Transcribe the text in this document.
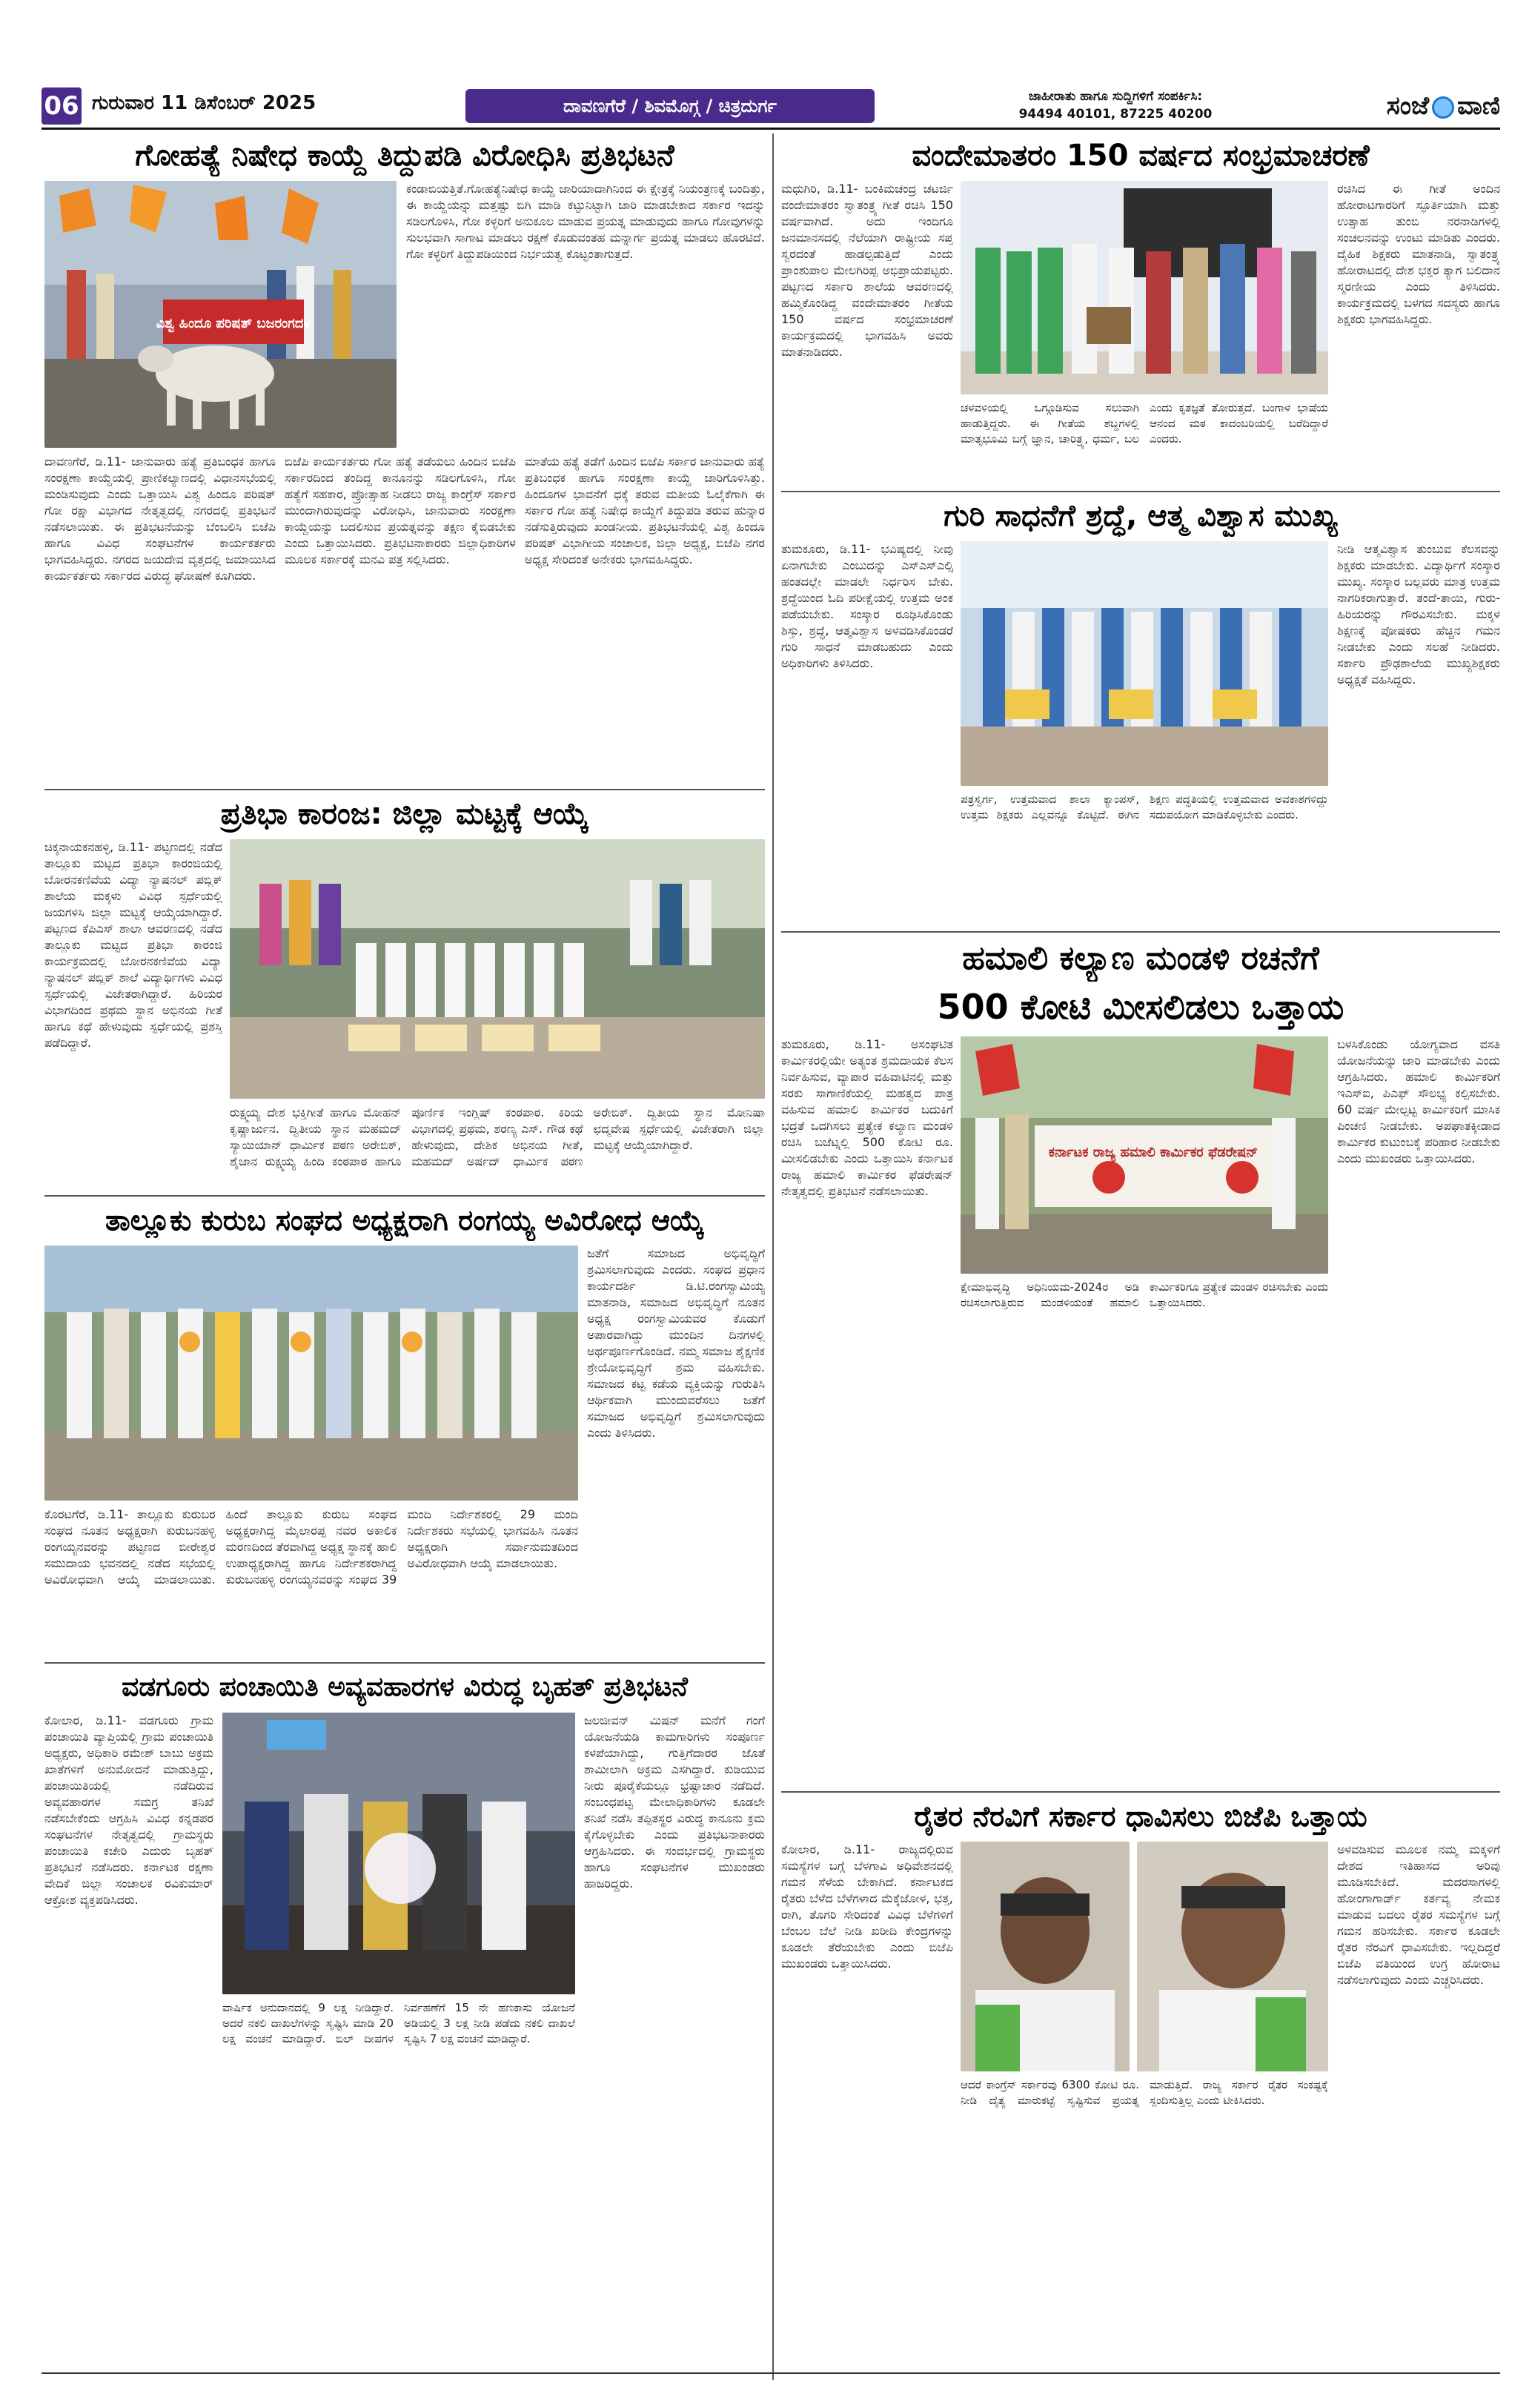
06 ಗುರುವಾರ 11 ಡಿಸೆಂಬರ್ 2025	ದಾವಣಗೆರೆ / ಶಿವಮೊಗ್ಗ / ಚಿತ್ರದುರ್ಗ	ಜಾಹೀರಾತು ಹಾಗೂ ಸುದ್ದಿಗಳಿಗೆ ಸಂಪರ್ಕಿಸಿ:
94494 40101, 87225 40200	ಸಂಜೆ ವಾಣಿ
ಗೋಹತ್ಯೆ ನಿಷೇಧ ಕಾಯ್ದೆ ತಿದ್ದುಪಡಿ ವಿರೋಧಿಸಿ ಪ್ರತಿಭಟನೆ
ವಿಶ್ವ ಹಿಂದೂ ಪರಿಷತ್ ಬಜರಂಗದಳ
ಕಂಡಾಬಿಯತ್ತಿತೆ.ಗೋಹತ್ಯೆನಿಷೇಧ ಕಾಯ್ದೆ ಜಾರಿಯಾದಾಗಿನಿಂದ ಈ ಕ್ಷೇತ್ರಕ್ಕೆ ನಿಯಂತ್ರಣಕ್ಕೆ ಬಂದಿತ್ತು, ಈ ಕಾಯ್ದೆಯನ್ನು ಮತ್ತಷ್ಟು ಬಿಗಿ ಮಾಡಿ ಕಟ್ಟುನಿಟ್ಟಾಗಿ ಜಾರಿ ಮಾಡಬೇಕಾದ ಸರ್ಕಾರ ಇದನ್ನು ಸಡಿಲಗೊಳಿಸಿ, ಗೋ ಕಳ್ಳರಿಗೆ ಅನುಕೂಲ ಮಾಡುವ ಪ್ರಯತ್ನ ಮಾಡುವುದು ಹಾಗೂ ಗೋವುಗಳನ್ನು ಸುಲಭವಾಗಿ ಸಾಗಾಟ ಮಾಡಲು ರಕ್ಷಣೆ ಕೊಡುವಂತಹ ಮನ್ನಾರ್ಗ ಪ್ರಯತ್ನ ಮಾಡಲು ಹೊರಟಿದೆ. ಗೋ ಕಳ್ಳರಿಗೆ ತಿದ್ದುಪಡಿಯಿಂದ ನಿರ್ಭಯತ್ವ ಕೊಟ್ಟಂತಾಗುತ್ತದೆ.
ದಾವಣಗೆರೆ, ಡಿ.11- ಜಾನುವಾರು ಹತ್ಯೆ ಪ್ರತಿಬಂಧಕ ಹಾಗೂ ಸಂರಕ್ಷಣಾ ಕಾಯ್ದೆಯಲ್ಲಿ ಪ್ರಾಣಿಕಲ್ಯಾಣದಲ್ಲಿ ವಿಧಾನಸಭೆಯಲ್ಲಿ ಮಂಡಿಸುವುದು ಎಂದು ಒತ್ತಾಯಿಸಿ ವಿಶ್ವ ಹಿಂದೂ ಪರಿಷತ್ ಗೋ ರಕ್ಷಾ ವಿಭಾಗದ ನೇತೃತ್ವದಲ್ಲಿ ನಗರದಲ್ಲಿ ಪ್ರತಿಭಟನೆ ನಡೆಸಲಾಯಿತು. ಈ ಪ್ರತಿಭಟನೆಯನ್ನು ಬೆಂಬಲಿಸಿ ಬಿಜೆಪಿ ಹಾಗೂ ವಿವಿಧ ಸಂಘಟನೆಗಳ ಕಾರ್ಯಕರ್ತರು ಭಾಗವಹಿಸಿದ್ದರು. ನಗರದ ಜಯದೇವ ವೃತ್ತದಲ್ಲಿ ಜಮಾಯಿಸಿದ ಕಾರ್ಯಕರ್ತರು ಸರ್ಕಾರದ ವಿರುದ್ಧ ಘೋಷಣೆ ಕೂಗಿದರು.
ಬಿಜೆಪಿ ಕಾರ್ಯಕರ್ತರು ಗೋ ಹತ್ಯೆ ತಡೆಯಲು ಹಿಂದಿನ ಬಿಜೆಪಿ ಸರ್ಕಾರದಿಂದ ತಂದಿದ್ದ ಕಾನೂನನ್ನು ಸಡಿಲಗೊಳಿಸಿ, ಗೋ ಹತ್ಯೆಗೆ ಸಹಕಾರ, ಪ್ರೋತ್ಸಾಹ ನೀಡಲು ರಾಜ್ಯ ಕಾಂಗ್ರೆಸ್ ಸರ್ಕಾರ ಮುಂದಾಗಿರುವುದನ್ನು ವಿರೋಧಿಸಿ, ಜಾನುವಾರು ಸಂರಕ್ಷಣಾ ಕಾಯ್ದೆಯನ್ನು ಬದಲಿಸುವ ಪ್ರಯತ್ನವನ್ನು ತಕ್ಷಣ ಕೈಬಿಡಬೇಕು ಎಂದು ಒತ್ತಾಯಿಸಿದರು. ಪ್ರತಿಭಟನಾಕಾರರು ಜಿಲ್ಲಾಧಿಕಾರಿಗಳ ಮೂಲಕ ಸರ್ಕಾರಕ್ಕೆ ಮನವಿ ಪತ್ರ ಸಲ್ಲಿಸಿದರು.
ಮಾತೆಯ ಹತ್ಯೆ ತಡೆಗೆ ಹಿಂದಿನ ಬಿಜೆಪಿ ಸರ್ಕಾರ ಜಾನುವಾರು ಹತ್ಯೆ ಪ್ರತಿಬಂಧಕ ಹಾಗೂ ಸಂರಕ್ಷಣಾ ಕಾಯ್ದೆ ಜಾರಿಗೊಳಿಸಿತ್ತು. ಹಿಂದೂಗಳ ಭಾವನೆಗೆ ಧಕ್ಕೆ ತರುವ ಮತೀಯ ಓಲೈಕೆಗಾಗಿ ಈ ಸರ್ಕಾರ ಗೋ ಹತ್ಯೆ ನಿಷೇಧ ಕಾಯ್ದೆಗೆ ತಿದ್ದುಪಡಿ ತರುವ ಹುನ್ನಾರ ನಡೆಸುತ್ತಿರುವುದು ಖಂಡನೀಯ. ಪ್ರತಿಭಟನೆಯಲ್ಲಿ ವಿಶ್ವ ಹಿಂದೂ ಪರಿಷತ್ ವಿಭಾಗೀಯ ಸಂಚಾಲಕ, ಜಿಲ್ಲಾ ಅಧ್ಯಕ್ಷ, ಬಿಜೆಪಿ ನಗರ ಅಧ್ಯಕ್ಷ ಸೇರಿದಂತೆ ಅನೇಕರು ಭಾಗವಹಿಸಿದ್ದರು.
ಪ್ರತಿಭಾ ಕಾರಂಜ: ಜಿಲ್ಲಾ ಮಟ್ಟಕ್ಕೆ ಆಯ್ಕೆ
ಚಿಕ್ಕನಾಯಕನಹಳ್ಳಿ, ಡಿ.11- ಪಟ್ಟಣದಲ್ಲಿ ನಡೆದ ತಾಲ್ಲೂಕು ಮಟ್ಟದ ಪ್ರತಿಭಾ ಕಾರಂಜಿಯಲ್ಲಿ ಬೋರನಕಣಿವೆಯ ವಿದ್ಯಾ ನ್ಯಾಷನಲ್ ಪಬ್ಲಿಕ್ ಶಾಲೆಯ ಮಕ್ಕಳು ವಿವಿಧ ಸ್ಪರ್ಧೆಯಲ್ಲಿ ಜಯಗಳಿಸಿ ಜಿಲ್ಲಾ ಮಟ್ಟಕ್ಕೆ ಆಯ್ಕೆಯಾಗಿದ್ದಾರೆ. ಪಟ್ಟಣದ ಕೆಪಿಎಸ್ ಶಾಲಾ ಆವರಣದಲ್ಲಿ ನಡೆದ ತಾಲ್ಲೂಕು ಮಟ್ಟದ ಪ್ರತಿಭಾ ಕಾರಂಜಿ ಕಾರ್ಯಕ್ರಮದಲ್ಲಿ ಬೋರನಕಣಿವೆಯ ವಿದ್ಯಾ ನ್ಯಾಷನಲ್ ಪಬ್ಲಿಕ್ ಶಾಲೆ ವಿದ್ಯಾರ್ಥಿಗಳು ವಿವಿಧ ಸ್ಪರ್ಧೆಯಲ್ಲಿ ವಿಜೇತರಾಗಿದ್ದಾರೆ. ಹಿರಿಯರ ವಿಭಾಗದಿಂದ ಪ್ರಥಮ ಸ್ಥಾನ ಅಭಿನಯ ಗೀತೆ ಹಾಗೂ ಕಥೆ ಹೇಳುವುದು ಸ್ಪರ್ಧೆಯಲ್ಲಿ ಪ್ರಶಸ್ತಿ ಪಡೆದಿದ್ದಾರೆ.
ರುಕ್ಷ್ಮಯ್ಯ ದೇಶ ಭಕ್ತಿಗೀತೆ ಹಾಗೂ ಮೋಹನ್ ಕೃಷ್ಣಾರ್ಜುನ. ದ್ವಿತೀಯ ಸ್ಥಾನ ಮಹಮದ್ ಸ್ಯಾಯಿಯಾನ್ ಧಾರ್ಮಿಕ ಪಠಣ ಅರೇಬಿಕ್, ಶೈಜಾನ ರುಕ್ಷ್ಮಯ್ಯ ಹಿಂದಿ ಕಂಠಪಾಠ ಹಾಗೂ ಪೂರ್ಣಿಕ ಇಂಗ್ಲಿಷ್ ಕಂಠಪಾಠ. ಕಿರಿಯ ವಿಭಾಗದಲ್ಲಿ ಪ್ರಥಮ, ಶರಣ್ಯ ಎಸ್. ಗೌಡ ಕಥೆ ಹೇಳುವುದು, ದೇಶಿಕ ಅಭಿನಯ ಗೀತೆ, ಮಹಮದ್ ಅರ್ಷದ್ ಧಾರ್ಮಿಕ ಪಠಣ ಅರೇಬಿಕ್. ದ್ವಿತೀಯ ಸ್ಥಾನ ಮೋನಿಷಾ ಛದ್ಮವೇಷ ಸ್ಪರ್ಧೆಯಲ್ಲಿ ವಿಜೇತರಾಗಿ ಜಿಲ್ಲಾ ಮಟ್ಟಕ್ಕೆ ಆಯ್ಕೆಯಾಗಿದ್ದಾರೆ.
ತಾಲ್ಲೂಕು ಕುರುಬ ಸಂಘದ ಅಧ್ಯಕ್ಷರಾಗಿ ರಂಗಯ್ಯ ಅವಿರೋಧ ಆಯ್ಕೆ
ಜತೆಗೆ ಸಮಾಜದ ಅಭಿವೃದ್ಧಿಗೆ ಶ್ರಮಿಸಲಾಗುವುದು ಎಂದರು. ಸಂಘದ ಪ್ರಧಾನ ಕಾರ್ಯದರ್ಶಿ ಡಿ.ಟಿ.ರಂಗಸ್ವಾಮಿಯ್ಯ ಮಾತನಾಡಿ, ಸಮಾಜದ ಅಭಿವೃದ್ಧಿಗೆ ನೂತನ ಅಧ್ಯಕ್ಷ ರಂಗಸ್ವಾಮಿಯವರ ಕೊಡುಗೆ ಅಪಾರವಾಗಿದ್ದು ಮುಂದಿನ ದಿನಗಳಲ್ಲಿ ಅರ್ಥಪೂರ್ಣಗೊಂಡಿದೆ. ನಮ್ಮ ಸಮಾಜ ಶೈಕ್ಷಣಿಕ ಶ್ರೇಯೋಭಿವೃದ್ಧಿಗೆ ಶ್ರಮ ವಹಿಸಬೇಕು. ಸಮಾಜದ ಕಟ್ಟ ಕಡೆಯ ವ್ಯಕ್ತಿಯನ್ನು ಗುರುತಿಸಿ ಆರ್ಥಿಕವಾಗಿ ಮುಂದುವರೆಸಲು ಜತೆಗೆ ಸಮಾಜದ ಅಭಿವೃದ್ಧಿಗೆ ಶ್ರಮಿಸಲಾಗುವುದು ಎಂದು ತಿಳಿಸಿದರು.
ಕೊರಟಗೆರೆ, ಡಿ.11- ತಾಲ್ಲೂಕು ಕುರುಬರ ಸಂಘದ ನೂತನ ಅಧ್ಯಕ್ಷರಾಗಿ ಕುರುಬನಹಳ್ಳಿ ರಂಗಯ್ಯನವರನ್ನು ಪಟ್ಟಣದ ಬೀರೇಶ್ವರ ಸಮುದಾಯ ಭವನದಲ್ಲಿ ನಡೆದ ಸಭೆಯಲ್ಲಿ ಅವಿರೋಧವಾಗಿ ಆಯ್ಕೆ ಮಾಡಲಾಯಿತು. ಹಿಂದೆ ತಾಲ್ಲೂಕು ಕುರುಬ ಸಂಘದ ಅಧ್ಯಕ್ಷರಾಗಿದ್ದ ಮೈಲಾರಪ್ಪ ನವರ ಅಕಾಲಿಕ ಮರಣದಿಂದ ತೆರವಾಗಿದ್ದ ಅಧ್ಯಕ್ಷ ಸ್ಥಾನಕ್ಕೆ ಹಾಲಿ ಉಪಾಧ್ಯಕ್ಷರಾಗಿದ್ದ ಹಾಗೂ ನಿರ್ದೇಶಕರಾಗಿದ್ದ ಕುರುಬನಹಳ್ಳಿ ರಂಗಯ್ಯನವರನ್ನು ಸಂಘದ 39 ಮಂದಿ ನಿರ್ದೇಶಕರಲ್ಲಿ 29 ಮಂದಿ ನಿರ್ದೇಶಕರು ಸಭೆಯಲ್ಲಿ ಭಾಗವಹಿಸಿ ನೂತನ ಅಧ್ಯಕ್ಷರಾಗಿ ಸರ್ವಾನುಮತದಿಂದ ಅವಿರೋಧವಾಗಿ ಆಯ್ಕೆ ಮಾಡಲಾಯಿತು.
ವಡಗೂರು ಪಂಚಾಯಿತಿ ಅವ್ಯವಹಾರಗಳ ವಿರುದ್ಧ ಬೃಹತ್ ಪ್ರತಿಭಟನೆ
ಕೋಲಾರ, ಡಿ.11- ವಡಗೂರು ಗ್ರಾಮ ಪಂಚಾಯಿತಿ ವ್ಯಾಪ್ತಿಯಲ್ಲಿ ಗ್ರಾಮ ಪಂಚಾಯಿತಿ ಅಧ್ಯಕ್ಷರು, ಅಧಿಕಾರಿ ರಮೇಶ್ ಬಾಬು ಅಕ್ರಮ ಖಾತೆಗಳಿಗೆ ಅನುಮೋದನೆ ಮಾಡುತ್ತಿದ್ದು, ಪಂಚಾಯಿತಿಯಲ್ಲಿ ನಡೆದಿರುವ ಅವ್ಯವಹಾರಗಳ ಸಮಗ್ರ ತನಿಖೆ ನಡೆಸಬೇಕೆಂದು ಆಗ್ರಹಿಸಿ ವಿವಿಧ ಕನ್ನಡಪರ ಸಂಘಟನೆಗಳ ನೇತೃತ್ವದಲ್ಲಿ ಗ್ರಾಮಸ್ಥರು ಪಂಚಾಯಿತಿ ಕಚೇರಿ ಎದುರು ಬೃಹತ್ ಪ್ರತಿಭಟನೆ ನಡೆಸಿದರು. ಕರ್ನಾಟಕ ರಕ್ಷಣಾ ವೇದಿಕೆ ಜಿಲ್ಲಾ ಸಂಚಾಲಕ ರವಿಕುಮಾರ್ ಆಕ್ರೋಶ ವ್ಯಕ್ತಪಡಿಸಿದರು.
ಜಲಜೀವನ್ ಮಿಷನ್ ಮನೆಗೆ ಗಂಗೆ ಯೋಜನೆಯಡಿ ಕಾಮಗಾರಿಗಳು ಸಂಪೂರ್ಣ ಕಳಪೆಯಾಗಿದ್ದು, ಗುತ್ತಿಗೆದಾರರ ಜೊತೆ ಶಾಮೀಲಾಗಿ ಅಕ್ರಮ ಎಸಗಿದ್ದಾರೆ. ಕುಡಿಯುವ ನೀರು ಪೂರೈಕೆಯಲ್ಲೂ ಭ್ರಷ್ಟಾಚಾರ ನಡೆದಿದೆ. ಸಂಬಂಧಪಟ್ಟ ಮೇಲಾಧಿಕಾರಿಗಳು ಕೂಡಲೇ ತನಿಖೆ ನಡೆಸಿ ತಪ್ಪಿತಸ್ಥರ ವಿರುದ್ಧ ಕಾನೂನು ಕ್ರಮ ಕೈಗೊಳ್ಳಬೇಕು ಎಂದು ಪ್ರತಿಭಟನಾಕಾರರು ಆಗ್ರಹಿಸಿದರು. ಈ ಸಂದರ್ಭದಲ್ಲಿ ಗ್ರಾಮಸ್ಥರು ಹಾಗೂ ಸಂಘಟನೆಗಳ ಮುಖಂಡರು ಹಾಜರಿದ್ದರು.
ವಾರ್ಷಿಕ ಅನುದಾನದಲ್ಲಿ 9 ಲಕ್ಷ ನೀಡಿದ್ದಾರೆ. ಅದರೆ ನಕಲಿ ದಾಖಲೆಗಳನ್ನು ಸೃಷ್ಟಿಸಿ ಮಾಡಿ 20 ಲಕ್ಷ ವಂಚನೆ ಮಾಡಿದ್ದಾರೆ. ಬಿಲ್ ದೀಪಗಳ ನಿರ್ವಹಣೆಗೆ 15 ನೇ ಹಣಕಾಸು ಯೋಜನೆ ಅಡಿಯಲ್ಲಿ 3 ಲಕ್ಷ ನೀಡಿ ಪಡೆದು ನಕಲಿ ದಾಖಲೆ ಸೃಷ್ಟಿಸಿ 7 ಲಕ್ಷ ವಂಚನೆ ಮಾಡಿದ್ದಾರೆ.
ವಂದೇಮಾತರಂ 150 ವರ್ಷದ ಸಂಭ್ರಮಾಚರಣೆ
ಮಧುಗಿರಿ, ಡಿ.11- ಬಂಕಿಮಚಂದ್ರ ಚಟರ್ಜಿ ವಂದೇಮಾತರಂ ಸ್ವಾತಂತ್ರ್ಯ ಗೀತೆ ರಚಿಸಿ 150 ವರ್ಷವಾಗಿದೆ. ಅದು ಇಂದಿಗೂ ಜನಮಾನಸದಲ್ಲಿ ನೆಲೆಯಾಗಿ ರಾಷ್ಟ್ರೀಯ ಸಪ್ತ ಸ್ವರದಂತೆ ಹಾಡಲ್ಪಡುತ್ತಿದೆ ಎಂದು ಪ್ರಾಂಶುಪಾಲ ಮೇಲಗಿರಿಪ್ಪ ಅಭಿಪ್ರಾಯಪಟ್ಟರು. ಪಟ್ಟಣದ ಸರ್ಕಾರಿ ಶಾಲೆಯ ಆವರಣದಲ್ಲಿ ಹಮ್ಮಿಕೊಂಡಿದ್ದ ವಂದೇಮಾತರಂ ಗೀತೆಯ 150 ವರ್ಷದ ಸಂಭ್ರಮಾಚರಣೆ ಕಾರ್ಯಕ್ರಮದಲ್ಲಿ ಭಾಗವಹಿಸಿ ಅವರು ಮಾತನಾಡಿದರು.
ರಚಿಸಿದ ಈ ಗೀತೆ ಅಂದಿನ ಹೋರಾಟಗಾರರಿಗೆ ಸ್ಫೂರ್ತಿಯಾಗಿ ಮತ್ತು ಉತ್ಸಾಹ ತುಂಬಿ ನರನಾಡಿಗಳಲ್ಲಿ ಸಂಚಲನವನ್ನು ಉಂಟು ಮಾಡಿತು ಎಂದರು. ದೈಹಿಕ ಶಿಕ್ಷಕರು ಮಾತನಾಡಿ, ಸ್ವಾತಂತ್ರ್ಯ ಹೋರಾಟದಲ್ಲಿ ದೇಶ ಭಕ್ತರ ತ್ಯಾಗ ಬಲಿದಾನ ಸ್ಮರಣೀಯ ಎಂದು ತಿಳಿಸಿದರು. ಕಾರ್ಯಕ್ರಮದಲ್ಲಿ ಬಳಗದ ಸದಸ್ಯರು ಹಾಗೂ ಶಿಕ್ಷಕರು ಭಾಗವಹಿಸಿದ್ದರು.
ಚಳವಳಿಯಲ್ಲಿ ಒಗ್ಗೂಡಿಸುವ ಸಲುವಾಗಿ ಹಾಡುತ್ತಿದ್ದರು. ಈ ಗೀತೆಯ ಶಬ್ದಗಳಲ್ಲಿ ಮಾತೃಭೂಮಿ ಬಗ್ಗೆ ಜ್ಞಾನ, ಚಾರಿತ್ರ್ಯ, ಧರ್ಮ, ಬಲ ಎಂದು ಕೃತಜ್ಞತೆ ತೋರುತ್ತದೆ. ಬಂಗಾಳ ಭಾಷೆಯ ಆನಂದ ಮಠ ಕಾದಂಬರಿಯಲ್ಲಿ ಬರೆದಿದ್ದಾರೆ ಎಂದರು.
ಗುರಿ ಸಾಧನೆಗೆ ಶ್ರದ್ಧೆ, ಆತ್ಮ ವಿಶ್ವಾಸ ಮುಖ್ಯ
ತುಮಕೂರು, ಡಿ.11- ಭವಿಷ್ಯದಲ್ಲಿ ನೀವು ಏನಾಗಬೇಕು ಎಂಬುದನ್ನು ಎಸ್ಎಸ್ಎಲ್ಸಿ ಹಂತದಲ್ಲೇ ಮಾಡಲೇ ನಿರ್ಧರಿಸ ಬೇಕು. ಶ್ರದ್ಧೆಯಿಂದ ಓದಿ ಪರೀಕ್ಷೆಯಲ್ಲಿ ಉತ್ತಮ ಅಂಕ ಪಡೆಯಬೇಕು. ಸಂಸ್ಕಾರ ರೂಢಿಸಿಕೊಂಡು ಶಿಸ್ತು, ಶ್ರದ್ಧೆ, ಆತ್ಮವಿಶ್ವಾಸ ಅಳವಡಿಸಿಕೊಂಡರೆ ಗುರಿ ಸಾಧನೆ ಮಾಡಬಹುದು ಎಂದು ಅಧಿಕಾರಿಗಳು ತಿಳಿಸಿದರು.
ಪತ್ರಸ್ವರ್ಗ, ಉತ್ತಮವಾದ ಶಾಲಾ ಕ್ಯಾಂಪಸ್, ಉತ್ತಮ ಶಿಕ್ಷಕರು ಎಲ್ಲವನ್ನೂ ಕೊಟ್ಟಿದೆ. ಈಗಿನ ಶಿಕ್ಷಣ ಪದ್ಧತಿಯಲ್ಲಿ ಉತ್ತಮವಾದ ಅವಕಾಶಗಳಿದ್ದು ಸದುಪಯೋಗ ಮಾಡಿಕೊಳ್ಳಬೇಕು ಎಂದರು.
ನೀಡಿ ಆತ್ಮವಿಶ್ವಾಸ ತುಂಬುವ ಕೆಲಸವನ್ನು ಶಿಕ್ಷಕರು ಮಾಡಬೇಕು. ವಿದ್ಯಾರ್ಥಿಗೆ ಸಂಸ್ಕಾರ ಮುಖ್ಯ. ಸಂಸ್ಕಾರ ಬಲ್ಲವರು ಮಾತ್ರ ಉತ್ತಮ ನಾಗರಿಕರಾಗುತ್ತಾರೆ. ತಂದೆ-ತಾಯಿ, ಗುರು-ಹಿರಿಯರನ್ನು ಗೌರವಿಸಬೇಕು. ಮಕ್ಕಳ ಶಿಕ್ಷಣಕ್ಕೆ ಪೋಷಕರು ಹೆಚ್ಚಿನ ಗಮನ ನೀಡಬೇಕು ಎಂದು ಸಲಹೆ ನೀಡಿದರು. ಸರ್ಕಾರಿ ಪ್ರೌಢಶಾಲೆಯ ಮುಖ್ಯಶಿಕ್ಷಕರು ಅಧ್ಯಕ್ಷತೆ ವಹಿಸಿದ್ದರು.
ಹಮಾಲಿ ಕಲ್ಯಾಣ ಮಂಡಳಿ ರಚನೆಗೆ
500 ಕೋಟಿ ಮೀಸಲಿಡಲು ಒತ್ತಾಯ
ತುಮಕೂರು, ಡಿ.11- ಅಸಂಘಟಿತ ಕಾರ್ಮಿಕರಲ್ಲಿಯೇ ಅತ್ಯಂತ ಶ್ರಮದಾಯಕ ಕೆಲಸ ನಿರ್ವಹಿಸುವ, ವ್ಯಾಪಾರ ವಹಿವಾಟಿನಲ್ಲಿ ಮತ್ತು ಸರಕು ಸಾಗಾಣಿಕೆಯಲ್ಲಿ ಮಹತ್ವದ ಪಾತ್ರ ವಹಿಸುವ ಹಮಾಲಿ ಕಾರ್ಮಿಕರ ಬದುಕಿಗೆ ಭದ್ರತೆ ಒದಗಿಸಲು ಪ್ರತ್ಯೇಕ ಕಲ್ಯಾಣ ಮಂಡಳಿ ರಚಿಸಿ ಬಜೆಟ್ನಲ್ಲಿ 500 ಕೋಟಿ ರೂ. ಮೀಸಲಿಡಬೇಕು ಎಂದು ಒತ್ತಾಯಿಸಿ ಕರ್ನಾಟಕ ರಾಜ್ಯ ಹಮಾಲಿ ಕಾರ್ಮಿಕರ ಫೆಡರೇಷನ್ ನೇತೃತ್ವದಲ್ಲಿ ಪ್ರತಿಭಟನೆ ನಡೆಸಲಾಯಿತು.
ಕರ್ನಾಟಕ ರಾಜ್ಯ ಹಮಾಲಿ ಕಾರ್ಮಿಕರ ಫೆಡರೇಷನ್
ಕ್ಷೇಮಾಭಿವೃದ್ಧಿ ಅಧಿನಿಯಮ-2024ರ ಅಡಿ ರಚಿಸಲಾಗುತ್ತಿರುವ ಮಂಡಳಿಯಂತೆ ಹಮಾಲಿ ಕಾರ್ಮಿಕರಿಗೂ ಪ್ರತ್ಯೇಕ ಮಂಡಳಿ ರಚಿಸಬೇಕು ಎಂದು ಒತ್ತಾಯಿಸಿದರು.
ಬಳಸಿಕೊಂಡು ಯೋಗ್ಯವಾದ ವಸತಿ ಯೋಜನೆಯನ್ನು ಜಾರಿ ಮಾಡಬೇಕು ಎಂದು ಆಗ್ರಹಿಸಿದರು. ಹಮಾಲಿ ಕಾರ್ಮಿಕರಿಗೆ ಇಎಸ್ಐ, ಪಿಎಫ್ ಸೌಲಭ್ಯ ಕಲ್ಪಿಸಬೇಕು. 60 ವರ್ಷ ಮೇಲ್ಪಟ್ಟ ಕಾರ್ಮಿಕರಿಗೆ ಮಾಸಿಕ ಪಿಂಚಣಿ ನೀಡಬೇಕು. ಅಪಘಾತಕ್ಕೀಡಾದ ಕಾರ್ಮಿಕರ ಕುಟುಂಬಕ್ಕೆ ಪರಿಹಾರ ನೀಡಬೇಕು ಎಂದು ಮುಖಂಡರು ಒತ್ತಾಯಿಸಿದರು.
ರೈತರ ನೆರವಿಗೆ ಸರ್ಕಾರ ಧಾವಿಸಲು ಬಿಜೆಪಿ ಒತ್ತಾಯ
ಕೋಲಾರ, ಡಿ.11- ರಾಜ್ಯದಲ್ಲಿರುವ ಸಮಸ್ಯೆಗಳ ಬಗ್ಗೆ ಬೆಳಗಾವಿ ಅಧಿವೇಶನದಲ್ಲಿ ಗಮನ ಸೆಳೆಯ ಬೇಕಾಗಿದೆ. ಕರ್ನಾಟಕದ ರೈತರು ಬೆಳೆದ ಬೆಳೆಗಳಾದ ಮೆಕ್ಕೆಜೋಳ, ಭತ್ತ, ರಾಗಿ, ತೊಗರಿ ಸೇರಿದಂತೆ ವಿವಿಧ ಬೆಳೆಗಳಿಗೆ ಬೆಂಬಲ ಬೆಲೆ ನೀಡಿ ಖರೀದಿ ಕೇಂದ್ರಗಳನ್ನು ಕೂಡಲೇ ತೆರೆಯಬೇಕು ಎಂದು ಬಿಜೆಪಿ ಮುಖಂಡರು ಒತ್ತಾಯಿಸಿದರು.
ಆದರೆ ಕಾಂಗ್ರೆಸ್ ಸರ್ಕಾರವು 6300 ಕೋಟಿ ರೂ. ನೀಡಿ ದೈತ್ಯ ಮಾರುಕಟ್ಟೆ ಸೃಷ್ಟಿಸುವ ಪ್ರಯತ್ನ ಮಾಡುತ್ತಿದೆ. ರಾಜ್ಯ ಸರ್ಕಾರ ರೈತರ ಸಂಕಷ್ಟಕ್ಕೆ ಸ್ಪಂದಿಸುತ್ತಿಲ್ಲ ಎಂದು ಟೀಕಿಸಿದರು.
ಅಳವಡಿಸುವ ಮೂಲಕ ನಮ್ಮ ಮಕ್ಕಳಿಗೆ ದೇಶದ ಇತಿಹಾಸದ ಅರಿವು ಮೂಡಿಸಬೇಕಿದೆ. ಮದರಸಾಗಳಲ್ಲಿ ಹೋಂಗಾಗಾರ್ಡ್ ಕರ್ತವ್ಯ ನೇಮಕ ಮಾಡುವ ಬದಲು ರೈತರ ಸಮಸ್ಯೆಗಳ ಬಗ್ಗೆ ಗಮನ ಹರಿಸಬೇಕು. ಸರ್ಕಾರ ಕೂಡಲೇ ರೈತರ ನೆರವಿಗೆ ಧಾವಿಸಬೇಕು. ಇಲ್ಲದಿದ್ದರೆ ಬಿಜೆಪಿ ವತಿಯಿಂದ ಉಗ್ರ ಹೋರಾಟ ನಡೆಸಲಾಗುವುದು ಎಂದು ಎಚ್ಚರಿಸಿದರು.
